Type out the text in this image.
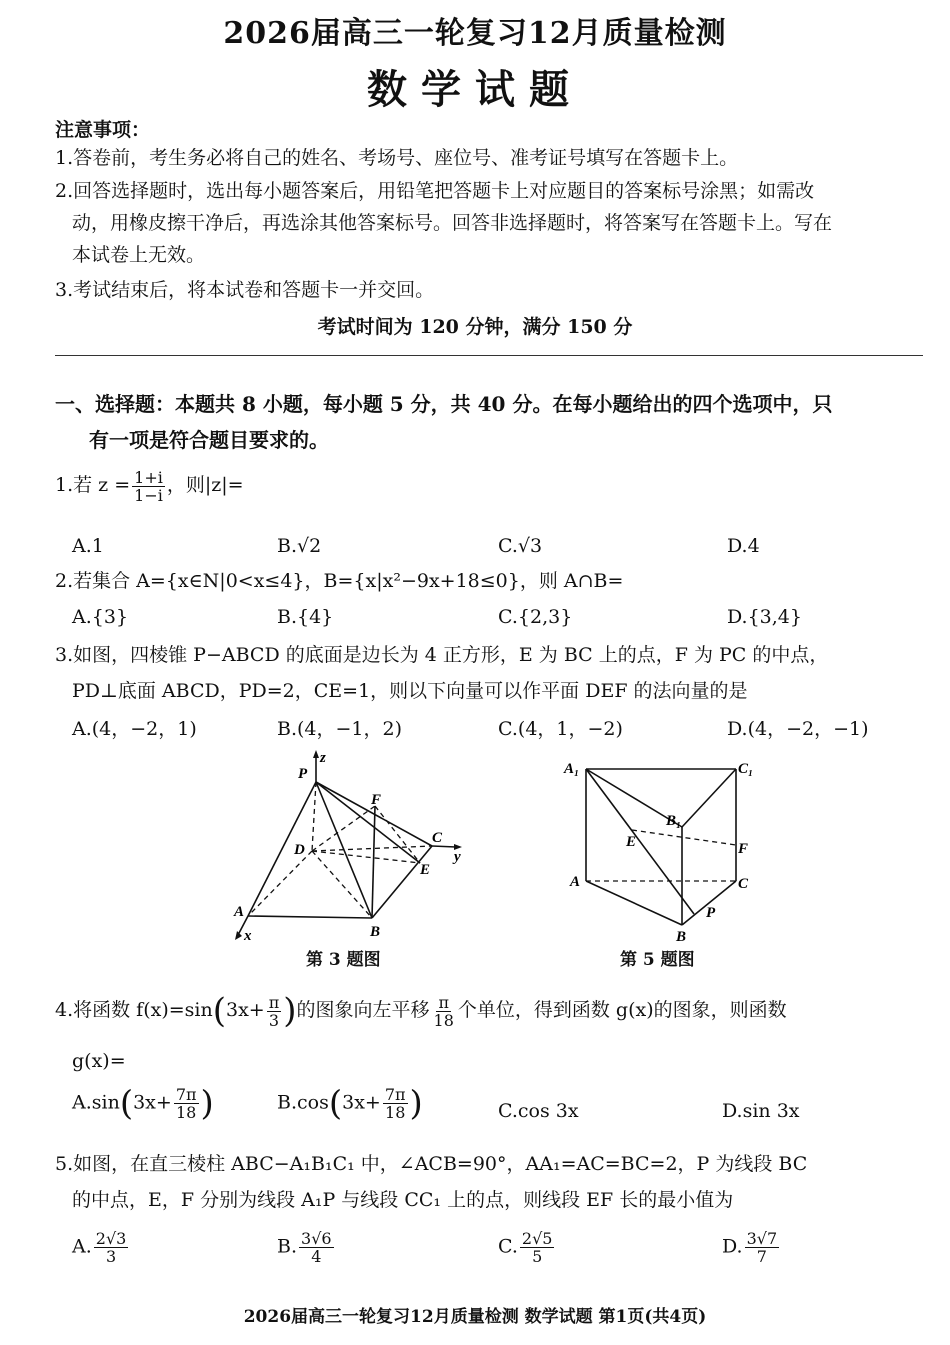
2026届高三一轮复习12月质量检测
数学试题
注意事项：
1.答卷前，考生务必将自己的姓名、考场号、座位号、准考证号填写在答题卡上。
2.回答选择题时，选出每小题答案后，用铅笔把答题卡上对应题目的答案标号涂黑；如需改
动，用橡皮擦干净后，再选涂其他答案标号。回答非选择题时，将答案写在答题卡上。写在
本试卷上无效。
3.考试结束后，将本试卷和答题卡一并交回。
考试时间为 120 分钟，满分 150 分
一、选择题：本题共 8 小题，每小题 5 分，共 40 分。在每小题给出的四个选项中，只
有一项是符合题目要求的。
1.若 $z = \frac{1+i}{1-i}$ ，则|z|=
A.1	B.√2	C.√3	D.4
2.若集合 A={x∈N|0<x≤4}，B={x|x²−9x+18≤0}，则 A∩B=
A.{3}	B.{4}	C.{2,3}	D.{3,4}
3.如图，四棱锥 P−ABCD 的底面是边长为 4 正方形，E 为 BC 上的点，F 为 PC 的中点，
PD⊥底面 ABCD，PD=2，CE=1，则以下向量可以作平面 DEF 的法向量的是
A.(4，−2，1)	B.(4，−1，2)	C.(4，1，−2)	D.(4，−2，−1)
P
z
F
D
C
y
E
A
x	B
第 3 题图
A₁	C₁
B₁
E	F
A	C
P
B
第 5 题图
4.将函数 $f(x)=\sin(3x+ \frac{\pi}{3}$ )的图象向左平移 $\frac{\pi}{18}$ 个单位，得到函数 g(x)的图象，则函数
g(x)=
$A.\sin(3x+ \frac{7\pi}{18}$ )	$B.\cos(3x+ \frac{7\pi}{18}$ )	C.cos 3x	D.sin 3x
5.如图，在直三棱柱 ABC−A₁B₁C₁ 中，∠ACB=90°，AA₁=AC=BC=2，P 为线段 BC
的中点，E，F 分别为线段 A₁P 与线段 CC₁ 上的点，则线段 EF 长的最小值为
A. $\frac{2√3}{3}$	B. $\frac{3√6}{4}$	C. $\frac{2√5}{5}$	D. $\frac{3√7}{7}$
2026届高三一轮复习12月质量检测 数学试题 第1页(共4页)
